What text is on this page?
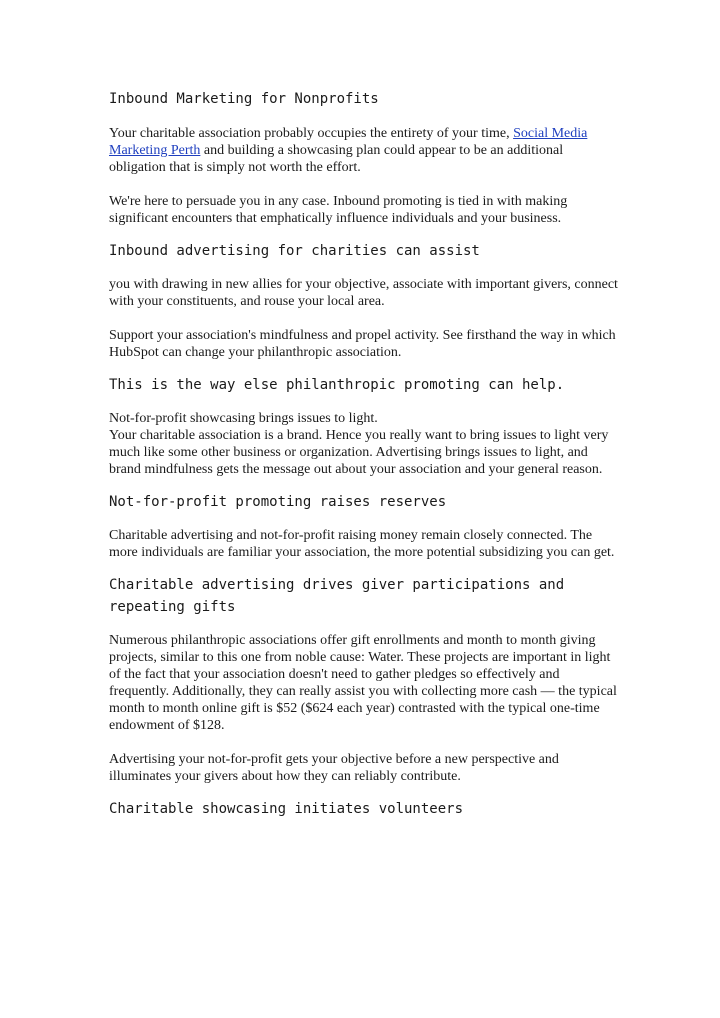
Inbound Marketing for Nonprofits

Your charitable association probably occupies the entirety of your time, Social Media Marketing Perth and building a showcasing plan could appear to be an additional obligation that is simply not worth the effort.

We're here to persuade you in any case. Inbound promoting is tied in with making significant encounters that emphatically influence individuals and your business.

Inbound advertising for charities can assist

you with drawing in new allies for your objective, associate with important givers, connect with your constituents, and rouse your local area.

Support your association's mindfulness and propel activity. See firsthand the way in which HubSpot can change your philanthropic association.

This is the way else philanthropic promoting can help.

Not-for-profit showcasing brings issues to light.

Your charitable association is a brand. Hence you really want to bring issues to light very much like some other business or organization. Advertising brings issues to light, and brand mindfulness gets the message out about your association and your general reason.

Not-for-profit promoting raises reserves

Charitable advertising and not-for-profit raising money remain closely connected. The more individuals are familiar your association, the more potential subsidizing you can get.

Charitable advertising drives giver participations and repeating gifts

Numerous philanthropic associations offer gift enrollments and month to month giving projects, similar to this one from noble cause: Water. These projects are important in light of the fact that your association doesn't need to gather pledges so effectively and frequently. Additionally, they can really assist you with collecting more cash — the typical month to month online gift is $52 ($624 each year) contrasted with the typical one-time endowment of $128.

Advertising your not-for-profit gets your objective before a new perspective and illuminates your givers about how they can reliably contribute.

Charitable showcasing initiates volunteers
